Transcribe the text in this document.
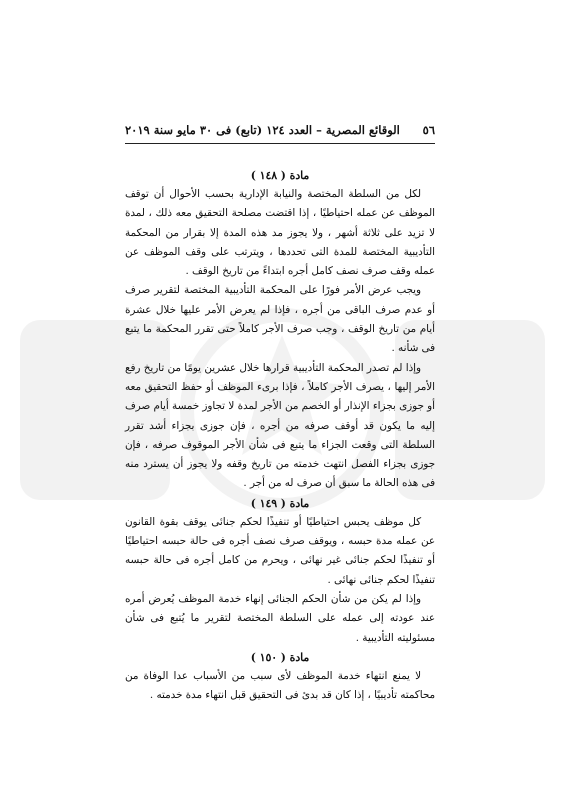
٥٦
الوقائع المصرية – العدد ١٢٤ (تابع) فى ٣٠ مايو سنة ٢٠١٩

مادة ( ١٤٨ )

لكل من السلطة المختصة والنيابة الإدارية بحسب الأحوال أن توقف الموظف عن عمله احتياطيًا ، إذا اقتضت مصلحة التحقيق معه ذلك ، لمدة لا تزيد على ثلاثة أشهر ، ولا يجوز مد هذه المدة إلا بقرار من المحكمة التأديبية المختصة للمدة التى تحددها ، ويترتب على وقف الموظف عن عمله وقف صرف نصف كامل أجره ابتداءً من تاريخ الوقف .

ويجب عرض الأمر فورًا على المحكمة التأديبية المختصة لتقرير صرف أو عدم صرف الباقى من أجره ، فإذا لم يعرض الأمر عليها خلال عشرة أيام من تاريخ الوقف ، وجب صرف الأجر كاملاً حتى تقرر المحكمة ما يتبع فى شأنه .

وإذا لم تصدر المحكمة التأديبية قرارها خلال عشرين يومًا من تاريخ رفع الأمر إليها ، يصرف الأجر كاملاً ، فإذا برىء الموظف أو حفظ التحقيق معه أو جوزى بجزاء الإنذار أو الخصم من الأجر لمدة لا تجاوز خمسة أيام صرف إليه ما يكون قد أوقف صرفه من أجره ، فإن جوزى بجزاء أشد تقرر السلطة التى وقعت الجزاء ما يتبع فى شأن الأجر الموقوف صرفه ، فإن جوزى بجزاء الفصل انتهت خدمته من تاريخ وقفه ولا يجوز أن يسترد منه فى هذه الحالة ما سبق أن صرف له من أجر .

مادة ( ١٤٩ )

كل موظف يحبس احتياطيًا أو تنفيذًا لحكم جنائى يوقف بقوة القانون عن عمله مدة حبسه ، ويوقف صرف نصف أجره فى حالة حبسه احتياطيًا أو تنفيذًا لحكم جنائى غير نهائى ، ويحرم من كامل أجره فى حالة حبسه تنفيذًا لحكم جنائى نهائى .

وإذا لم يكن من شأن الحكم الجنائى إنهاء خدمة الموظف يُعرض أمره عند عودته إلى عمله على السلطة المختصة لتقرير ما يُتبع فى شأن مسئوليته التأديبية .

مادة ( ١٥٠ )

لا يمنع انتهاء خدمة الموظف لأى سبب من الأسباب عدا الوفاة من محاكمته تأديبيًا ، إذا كان قد بدئ فى التحقيق قبل انتهاء مدة خدمته .
